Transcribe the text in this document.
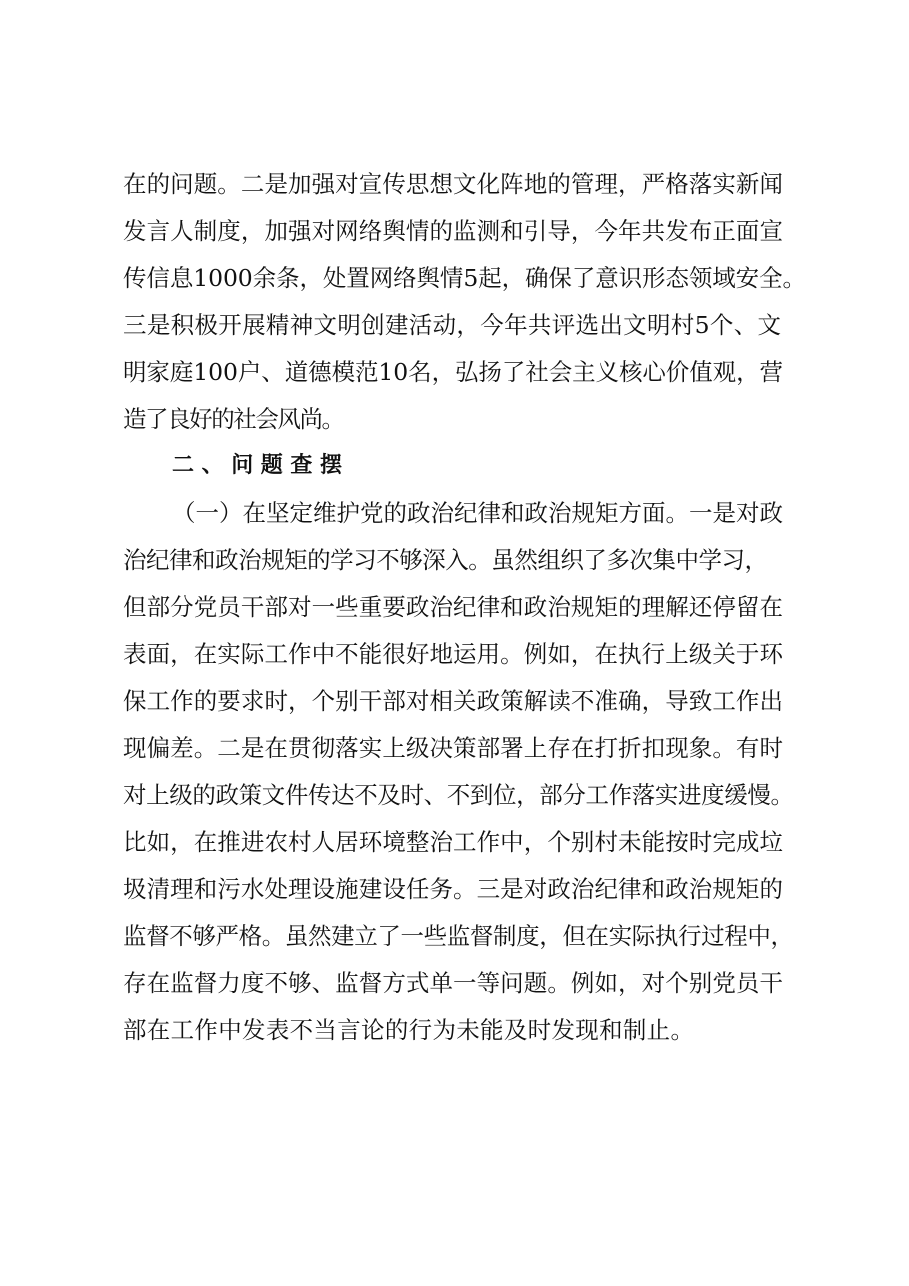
在的问题。二是加强对宣传思想文化阵地的管理，严格落实新闻
发言人制度，加强对网络舆情的监测和引导，今年共发布正面宣
传信息1000余条，处置网络舆情5起，确保了意识形态领域安全。
三是积极开展精神文明创建活动，今年共评选出文明村5个、文
明家庭100户、道德模范10名，弘扬了社会主义核心价值观，营
造了良好的社会风尚。
二、问题查摆
（一）在坚定维护党的政治纪律和政治规矩方面。一是对政
治纪律和政治规矩的学习不够深入。虽然组织了多次集中学习，
但部分党员干部对一些重要政治纪律和政治规矩的理解还停留在
表面，在实际工作中不能很好地运用。例如，在执行上级关于环
保工作的要求时，个别干部对相关政策解读不准确，导致工作出
现偏差。二是在贯彻落实上级决策部署上存在打折扣现象。有时
对上级的政策文件传达不及时、不到位，部分工作落实进度缓慢。
比如，在推进农村人居环境整治工作中，个别村未能按时完成垃
圾清理和污水处理设施建设任务。三是对政治纪律和政治规矩的
监督不够严格。虽然建立了一些监督制度，但在实际执行过程中，
存在监督力度不够、监督方式单一等问题。例如，对个别党员干
部在工作中发表不当言论的行为未能及时发现和制止。
